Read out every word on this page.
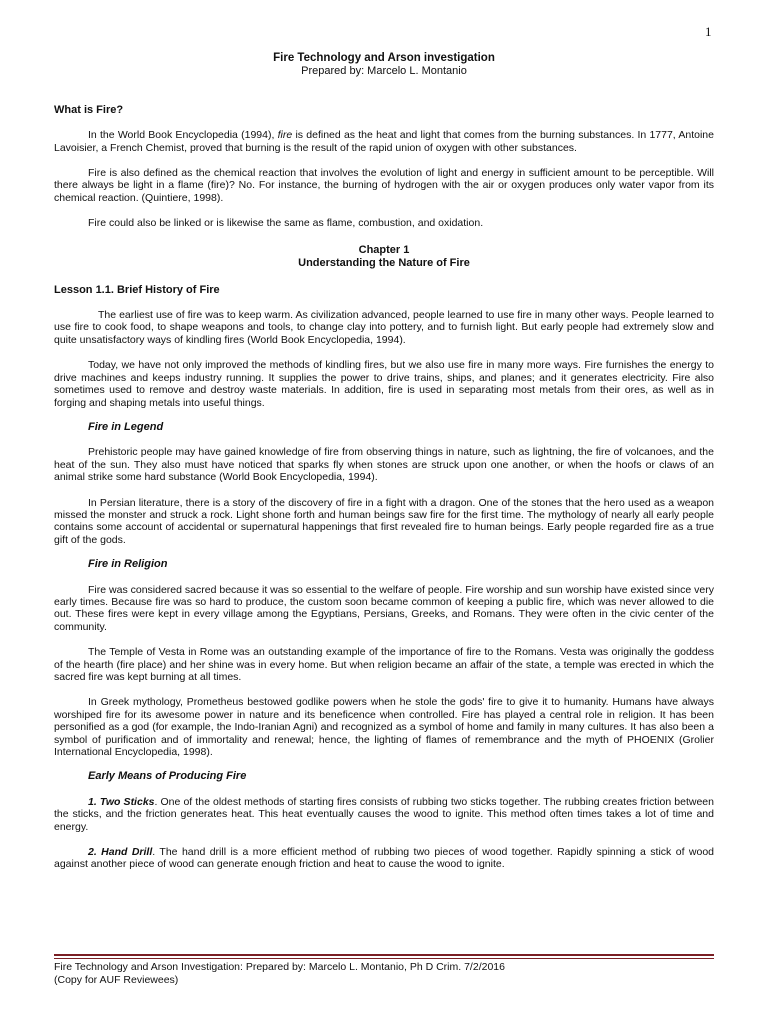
1
Fire Technology and Arson investigation
Prepared by: Marcelo L. Montanio
What is Fire?

In the World Book Encyclopedia (1994), fire is defined as the heat and light that comes from the burning substances. In 1777, Antoine Lavoisier, a French Chemist, proved that burning is the result of the rapid union of oxygen with other substances.

Fire is also defined as the chemical reaction that involves the evolution of light and energy in sufficient amount to be perceptible. Will there always be light in a flame (fire)? No. For instance, the burning of hydrogen with the air or oxygen produces only water vapor from its chemical reaction. (Quintiere, 1998).

Fire could also be linked or is likewise the same as flame, combustion, and oxidation.

Chapter 1
Understanding the Nature of Fire
Lesson 1.1. Brief History of Fire

The earliest use of fire was to keep warm. As civilization advanced, people learned to use fire in many other ways. People learned to use fire to cook food, to shape weapons and tools, to change clay into pottery, and to furnish light. But early people had extremely slow and quite unsatisfactory ways of kindling fires (World Book Encyclopedia, 1994).

Today, we have not only improved the methods of kindling fires, but we also use fire in many more ways. Fire furnishes the energy to drive machines and keeps industry running. It supplies the power to drive trains, ships, and planes; and it generates electricity. Fire also sometimes used to remove and destroy waste materials. In addition, fire is used in separating most metals from their ores, as well as in forging and shaping metals into useful things.

Fire in Legend

Prehistoric people may have gained knowledge of fire from observing things in nature, such as lightning, the fire of volcanoes, and the heat of the sun. They also must have noticed that sparks fly when stones are struck upon one another, or when the hoofs or claws of an animal strike some hard substance (World Book Encyclopedia, 1994).

In Persian literature, there is a story of the discovery of fire in a fight with a dragon. One of the stones that the hero used as a weapon missed the monster and struck a rock. Light shone forth and human beings saw fire for the first time. The mythology of nearly all early people contains some account of accidental or supernatural happenings that first revealed fire to human beings. Early people regarded fire as a true gift of the gods.

Fire in Religion

Fire was considered sacred because it was so essential to the welfare of people. Fire worship and sun worship have existed since very early times. Because fire was so hard to produce, the custom soon became common of keeping a public fire, which was never allowed to die out. These fires were kept in every village among the Egyptians, Persians, Greeks, and Romans. They were often in the civic center of the community.

The Temple of Vesta in Rome was an outstanding example of the importance of fire to the Romans. Vesta was originally the goddess of the hearth (fire place) and her shine was in every home. But when religion became an affair of the state, a temple was erected in which the sacred fire was kept burning at all times.

In Greek mythology, Prometheus bestowed godlike powers when he stole the gods' fire to give it to humanity. Humans have always worshiped fire for its awesome power in nature and its beneficence when controlled. Fire has played a central role in religion. It has been personified as a god (for example, the Indo-Iranian Agni) and recognized as a symbol of home and family in many cultures. It has also been a symbol of purification and of immortality and renewal; hence, the lighting of flames of remembrance and the myth of PHOENIX (Grolier International Encyclopedia, 1998).

Early Means of Producing Fire

1. Two Sticks. One of the oldest methods of starting fires consists of rubbing two sticks together. The rubbing creates friction between the sticks, and the friction generates heat. This heat eventually causes the wood to ignite. This method often times takes a lot of time and energy.

2. Hand Drill. The hand drill is a more efficient method of rubbing two pieces of wood together. Rapidly spinning a stick of wood against another piece of wood can generate enough friction and heat to cause the wood to ignite.

Fire Technology and Arson Investigation: Prepared by: Marcelo L. Montanio, Ph D Crim. 7/2/2016
(Copy for AUF Reviewees)
